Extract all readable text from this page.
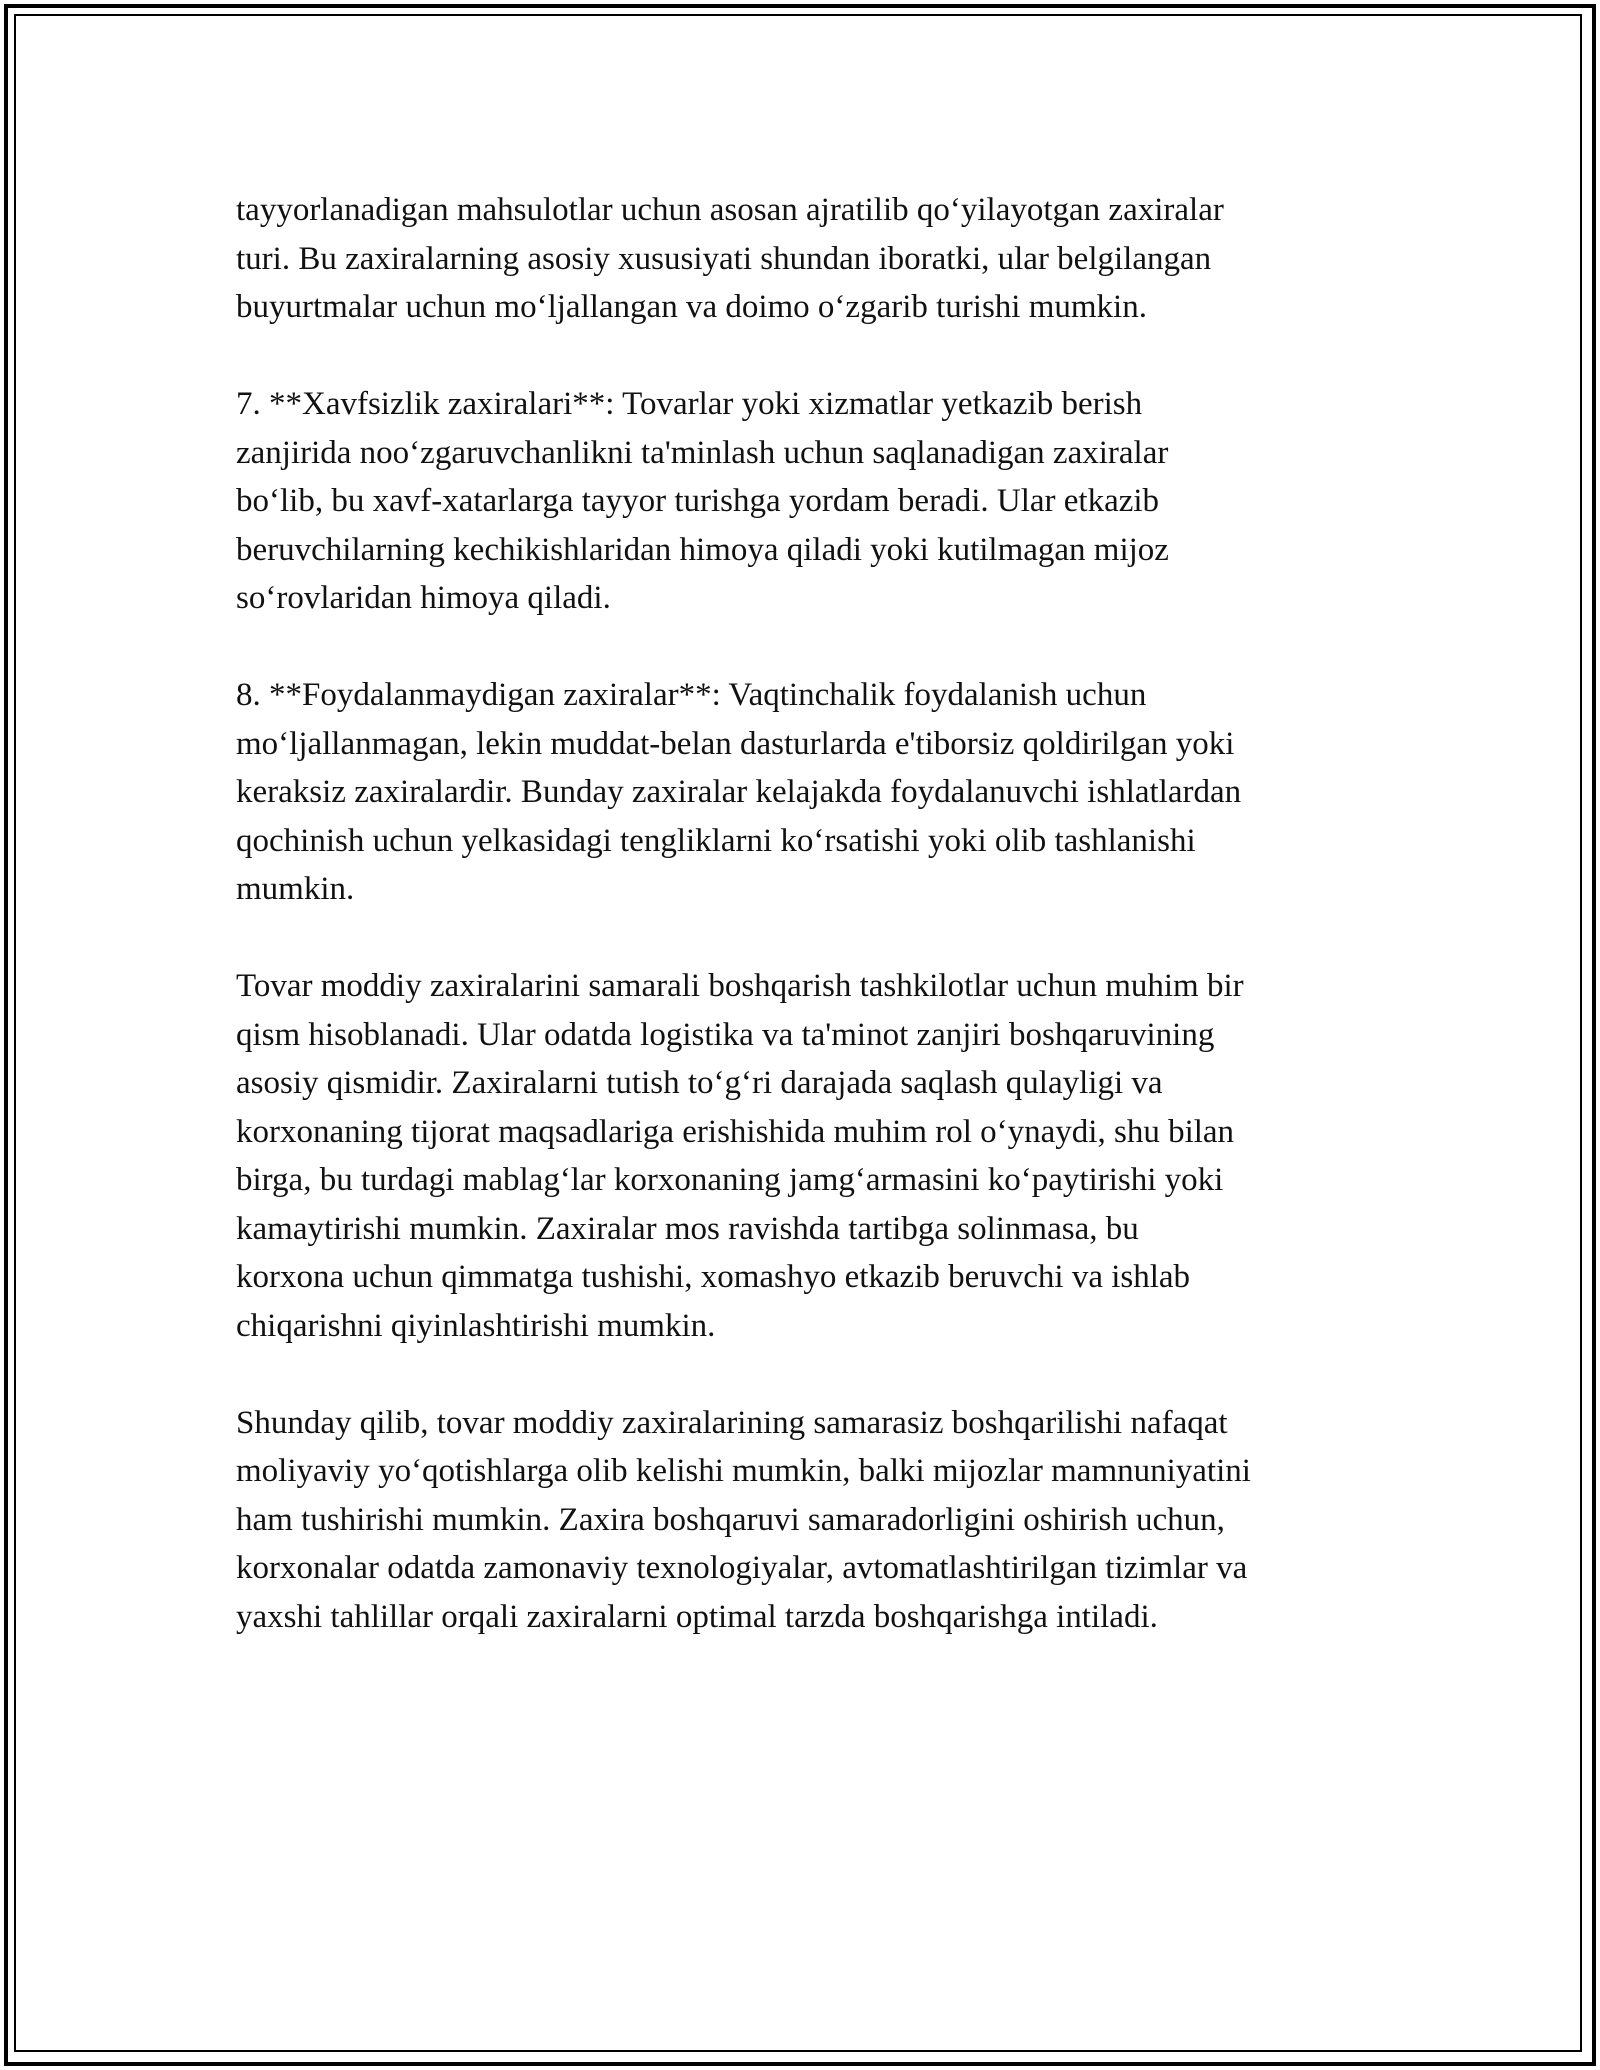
tayyorlanadigan mahsulotlar uchun asosan ajratilib qo‘yilayotgan zaxiralar
turi. Bu zaxiralarning asosiy xususiyati shundan iboratki, ular belgilangan
buyurtmalar uchun mo‘ljallangan va doimo o‘zgarib turishi mumkin.

7. **Xavfsizlik zaxiralari**: Tovarlar yoki xizmatlar yetkazib berish
zanjirida noo‘zgaruvchanlikni ta'minlash uchun saqlanadigan zaxiralar
bo‘lib, bu xavf-xatarlarga tayyor turishga yordam beradi. Ular etkazib
beruvchilarning kechikishlaridan himoya qiladi yoki kutilmagan mijoz
so‘rovlaridan himoya qiladi.

8. **Foydalanmaydigan zaxiralar**: Vaqtinchalik foydalanish uchun
mo‘ljallanmagan, lekin muddat-belan dasturlarda e'tiborsiz qoldirilgan yoki
keraksiz zaxiralardir. Bunday zaxiralar kelajakda foydalanuvchi ishlatlardan
qochinish uchun yelkasidagi tengliklarni ko‘rsatishi yoki olib tashlanishi
mumkin.

Tovar moddiy zaxiralarini samarali boshqarish tashkilotlar uchun muhim bir
qism hisoblanadi. Ular odatda logistika va ta'minot zanjiri boshqaruvining
asosiy qismidir. Zaxiralarni tutish to‘g‘ri darajada saqlash qulayligi va
korxonaning tijorat maqsadlariga erishishida muhim rol o‘ynaydi, shu bilan
birga, bu turdagi mablag‘lar korxonaning jamg‘armasini ko‘paytirishi yoki
kamaytirishi mumkin. Zaxiralar mos ravishda tartibga solinmasa, bu
korxona uchun qimmatga tushishi, xomashyo etkazib beruvchi va ishlab
chiqarishni qiyinlashtirishi mumkin.

Shunday qilib, tovar moddiy zaxiralarining samarasiz boshqarilishi nafaqat
moliyaviy yo‘qotishlarga olib kelishi mumkin, balki mijozlar mamnuniyatini
ham tushirishi mumkin. Zaxira boshqaruvi samaradorligini oshirish uchun,
korxonalar odatda zamonaviy texnologiyalar, avtomatlashtirilgan tizimlar va
yaxshi tahlillar orqali zaxiralarni optimal tarzda boshqarishga intiladi.
